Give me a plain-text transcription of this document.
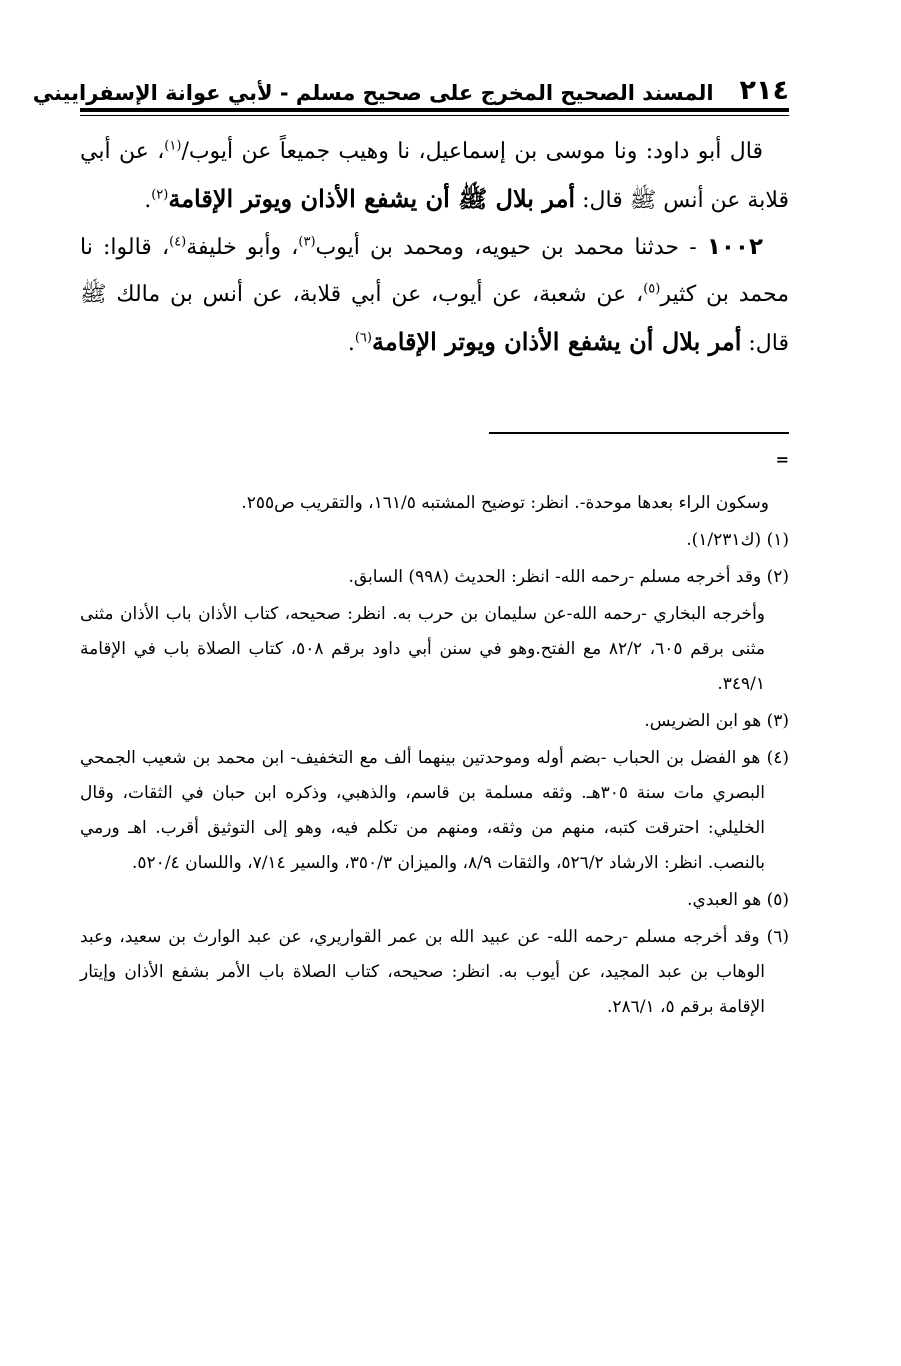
٢١٤
المسند الصحيح المخرج على صحيح مسلم - لأبي عوانة الإسفراييني

قال أبو داود: ونا موسى بن إسماعيل، نا وهيب جميعاً عن أيوب/$^{(١)}$، عن أبي قلابة عن أنس ﷺ قال: أمر بلال ﷺ أن يشفع الأذان ويوتر الإقامة$^{(٢)}$.

١٠٠٢ - حدثنا محمد بن حيويه، ومحمد بن أيوب$^{(٣)}$، وأبو خليفة$^{(٤)}$، قالوا: نا محمد بن كثير$^{(٥)}$، عن شعبة، عن أيوب، عن أبي قلابة، عن أنس بن مالك ﷺ قال: أمر بلال أن يشفع الأذان ويوتر الإقامة$^{(٦)}$.

=

وسكون الراء بعدها موحدة-. انظر: توضيح المشتبه ١٦١/٥، والتقريب ص٢٥٥.

(١) (ك١/٢٣١).

(٢) وقد أخرجه مسلم -رحمه الله- انظر: الحديث (٩٩٨) السابق.

وأخرجه البخاري -رحمه الله-عن سليمان بن حرب به. انظر: صحيحه، كتاب الأذان باب الأذان مثنى مثنى برقم ٦٠٥، ٨٢/٢ مع الفتح.وهو في سنن أبي داود برقم ٥٠٨، كتاب الصلاة باب في الإقامة ٣٤٩/١.

(٣) هو ابن الضريس.

(٤) هو الفضل بن الحباب -بضم أوله وموحدتين بينهما ألف مع التخفيف- ابن محمد بن شعيب الجمحي البصري مات سنة ٣٠٥هـ. وثقه مسلمة بن قاسم، والذهبي، وذكره ابن حبان في الثقات، وقال الخليلي: احترقت كتبه، منهم من وثقه، ومنهم من تكلم فيه، وهو إلى التوثيق أقرب. اهـ ورمي بالنصب. انظر: الارشاد ٥٢٦/٢، والثقات ٨/٩، والميزان ٣٥٠/٣، والسير ٧/١٤، واللسان ٥٢٠/٤.

(٥) هو العبدي.

(٦) وقد أخرجه مسلم -رحمه الله- عن عبيد الله بن عمر القواريري، عن عبد الوارث بن سعيد، وعبد الوهاب بن عبد المجيد، عن أيوب به. انظر: صحيحه، كتاب الصلاة باب الأمر بشفع الأذان وإيتار الإقامة برقم ٥، ٢٨٦/١.
